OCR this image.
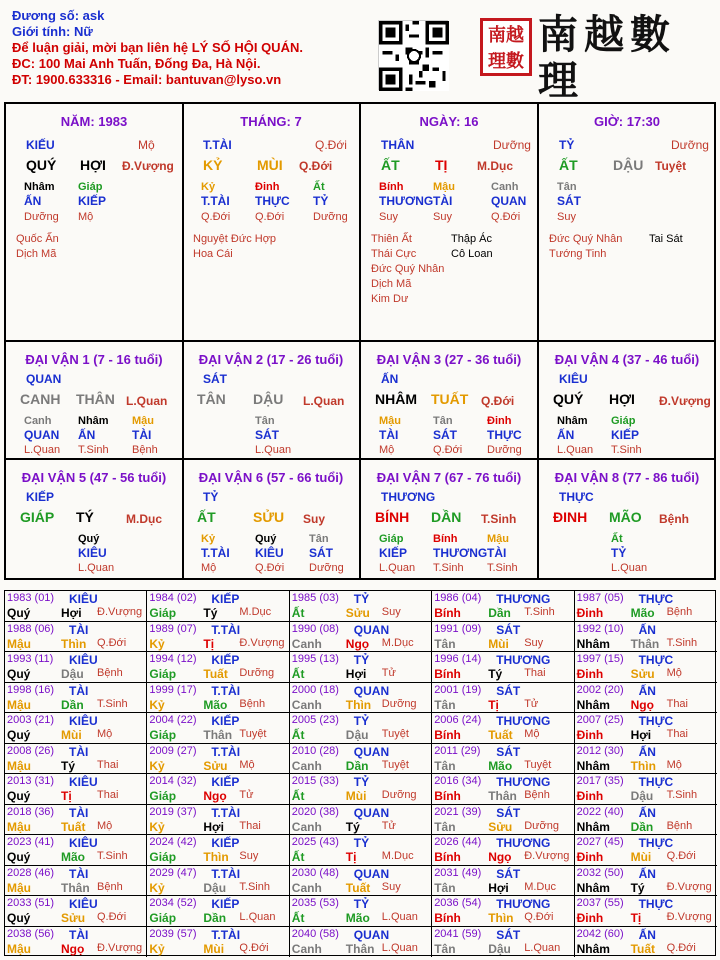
Đương số: ask
Giới tính: Nữ
Để luận giải, mời bạn liên hệ LÝ SỐ HỘI QUÁN.
ĐC: 100 Mai Anh Tuấn, Đống Đa, Hà Nội.
ĐT: 1900.633316 - Email: bantuvan@lyso.vn
南越
理數
南越數理
NĂM: 1983
KIẾU	Mộ
QUÝ HỢI Đ.Vượng
Nhâm
ẤN
Dưỡng
Giáp
KIẾP
Mộ
Quốc Ấn
Dịch Mã
THÁNG: 7
T.TÀI	Q.Đới
KỶ MÙI Q.Đới
Kỷ
T.TÀI
Q.Đới
Đinh
THỰC
Q.Đới
Ất
TỶ
Dưỡng
Nguyệt Đức Hợp
Hoa Cái
NGÀY: 16
THÂN	Dưỡng
ẤT	TỊ M.Dục
Bính
THƯƠNG
Suy
Mậu
TÀI
Suy
Canh
QUAN
Q.Đới
Thiên Ất
Thái Cực
Đức Quý Nhân
Dịch Mã
Kim Dư
Thập Ác
Cô Loan
GIỜ: 17:30
TỶ	Dưỡng
ẤT	DẬU Tuyệt
Tân
SÁT
Suy
Đức Quý Nhân
Tướng Tinh
Tai Sát
ĐẠI VẬN 1 (7 - 16 tuổi)
QUAN
CANH THÂN L.Quan
Canh
QUAN
L.Quan
Nhâm
ẤN
T.Sinh
Mậu
TÀI
Bệnh
ĐẠI VẬN 2 (17 - 26 tuổi)
SÁT
TÂN DẬU L.Quan
Tân
SÁT
L.Quan
ĐẠI VẬN 3 (27 - 36 tuổi)
ẤN
NHÂM TUẤT Q.Đới
Mậu
TÀI
Mộ
Tân
SÁT
Q.Đới
Đinh
THỰC
Dưỡng
ĐẠI VẬN 4 (37 - 46 tuổi)
KIÊU
QUÝ HỢI Đ.Vượng
Nhâm
ẤN
L.Quan
Giáp
KIẾP
T.Sinh
ĐẠI VẬN 5 (47 - 56 tuổi)
KIẾP
GIÁP TÝ	M.Dục
Quý
KIÊU
L.Quan
ĐẠI VẬN 6 (57 - 66 tuổi)
TỶ
ẤT	SỬU Suy
Kỷ
T.TÀI
Mộ
Quý
KIÊU
Q.Đới
Tân
SÁT
Dưỡng
ĐẠI VẬN 7 (67 - 76 tuổi)
THƯƠNG
BÍNH DẦN T.Sinh
Giáp
KIẾP
L.Quan
Bính
THƯƠNG
T.Sinh
Mậu
TÀI
T.Sinh
ĐẠI VẬN 8 (77 - 86 tuổi)
THỰC
ĐINH MÃO Bệnh
Ất
TỶ
L.Quan
1983 (01) KIÊU
Quý	Hợi Đ.Vượng
1984 (02) KIẾP
Giáp Tý M.Dục
1985 (03) TỶ
Ất	Sửu Suy
1986 (04) THƯƠNG
Bính Dần T.Sinh
1987 (05) THỰC
Đinh Mão Bệnh
1988 (06) TÀI
Mậu	Thìn Q.Đới
1989 (07) T.TÀI
Kỷ	Tị Đ.Vượng
1990 (08) QUAN
Canh Ngọ M.Dục
1991 (09) SÁT
Tân	Mùi Suy
1992 (10) ẤN
Nhâm Thân T.Sinh
1993 (11) KIÊU
Quý	Dậu Bệnh
1994 (12) KIẾP
Giáp Tuất Dưỡng
1995 (13) TỶ
Ất	Hợi Tử
1996 (14) THƯƠNG
Bính Tý Thai
1997 (15) THỰC
Đinh Sửu Mộ
1998 (16) TÀI
Mậu	Dần T.Sinh
1999 (17) T.TÀI
Kỷ	Mão Bệnh
2000 (18) QUAN
Canh Thìn Dưỡng
2001 (19) SÁT
Tân	Tị Tử
2002 (20) ẤN
Nhâm Ngọ Thai
2003 (21) KIÊU
Quý	Mùi Mộ
2004 (22) KIẾP
Giáp Thân Tuyệt
2005 (23) TỶ
Ất	Dậu Tuyệt
2006 (24) THƯƠNG
Bính Tuất Mộ
2007 (25) THỰC
Đinh Hợi Thai
2008 (26) TÀI
Mậu	Tý Thai
2009 (27) T.TÀI
Kỷ	Sửu Mộ
2010 (28) QUAN
Canh Dần Tuyệt
2011 (29) SÁT
Tân	Mão Tuyệt
2012 (30) ẤN
Nhâm Thìn Mộ
2013 (31) KIÊU
Quý	Tị Thai
2014 (32) KIẾP
Giáp Ngọ Tử
2015 (33) TỶ
Ất	Mùi Dưỡng
2016 (34) THƯƠNG
Bính Thân Bệnh
2017 (35) THỰC
Đinh Dậu T.Sinh
2018 (36) TÀI
Mậu	Tuất Mộ
2019 (37) T.TÀI
Kỷ	Hợi Thai
2020 (38) QUAN
Canh Tý Tử
2021 (39) SÁT
Tân	Sửu Dưỡng
2022 (40) ẤN
Nhâm Dần Bệnh
2023 (41) KIÊU
Quý	Mão T.Sinh
2024 (42) KIẾP
Giáp Thìn Suy
2025 (43) TỶ
Ất	Tị M.Dục
2026 (44) THƯƠNG
Bính Ngọ Đ.Vượng
2027 (45) THỰC
Đinh Mùi Q.Đới
2028 (46) TÀI
Mậu	Thân Bệnh
2029 (47) T.TÀI
Kỷ	Dậu T.Sinh
2030 (48) QUAN
Canh Tuất Suy
2031 (49) SÁT
Tân	Hợi M.Dục
2032 (50) ẤN
Nhâm Tý Đ.Vượng
2033 (51) KIÊU
Quý	Sửu Q.Đới
2034 (52) KIẾP
Giáp Dần L.Quan
2035 (53) TỶ
Ất	Mão L.Quan
2036 (54) THƯƠNG
Bính Thìn Q.Đới
2037 (55) THỰC
Đinh Tị Đ.Vượng
2038 (56) TÀI
Mậu	Ngọ Đ.Vượng
2039 (57) T.TÀI
Kỷ	Mùi Q.Đới
2040 (58) QUAN
Canh Thân L.Quan
2041 (59) SÁT
Tân	Dậu L.Quan
2042 (60) ẤN
Nhâm Tuất Q.Đới
